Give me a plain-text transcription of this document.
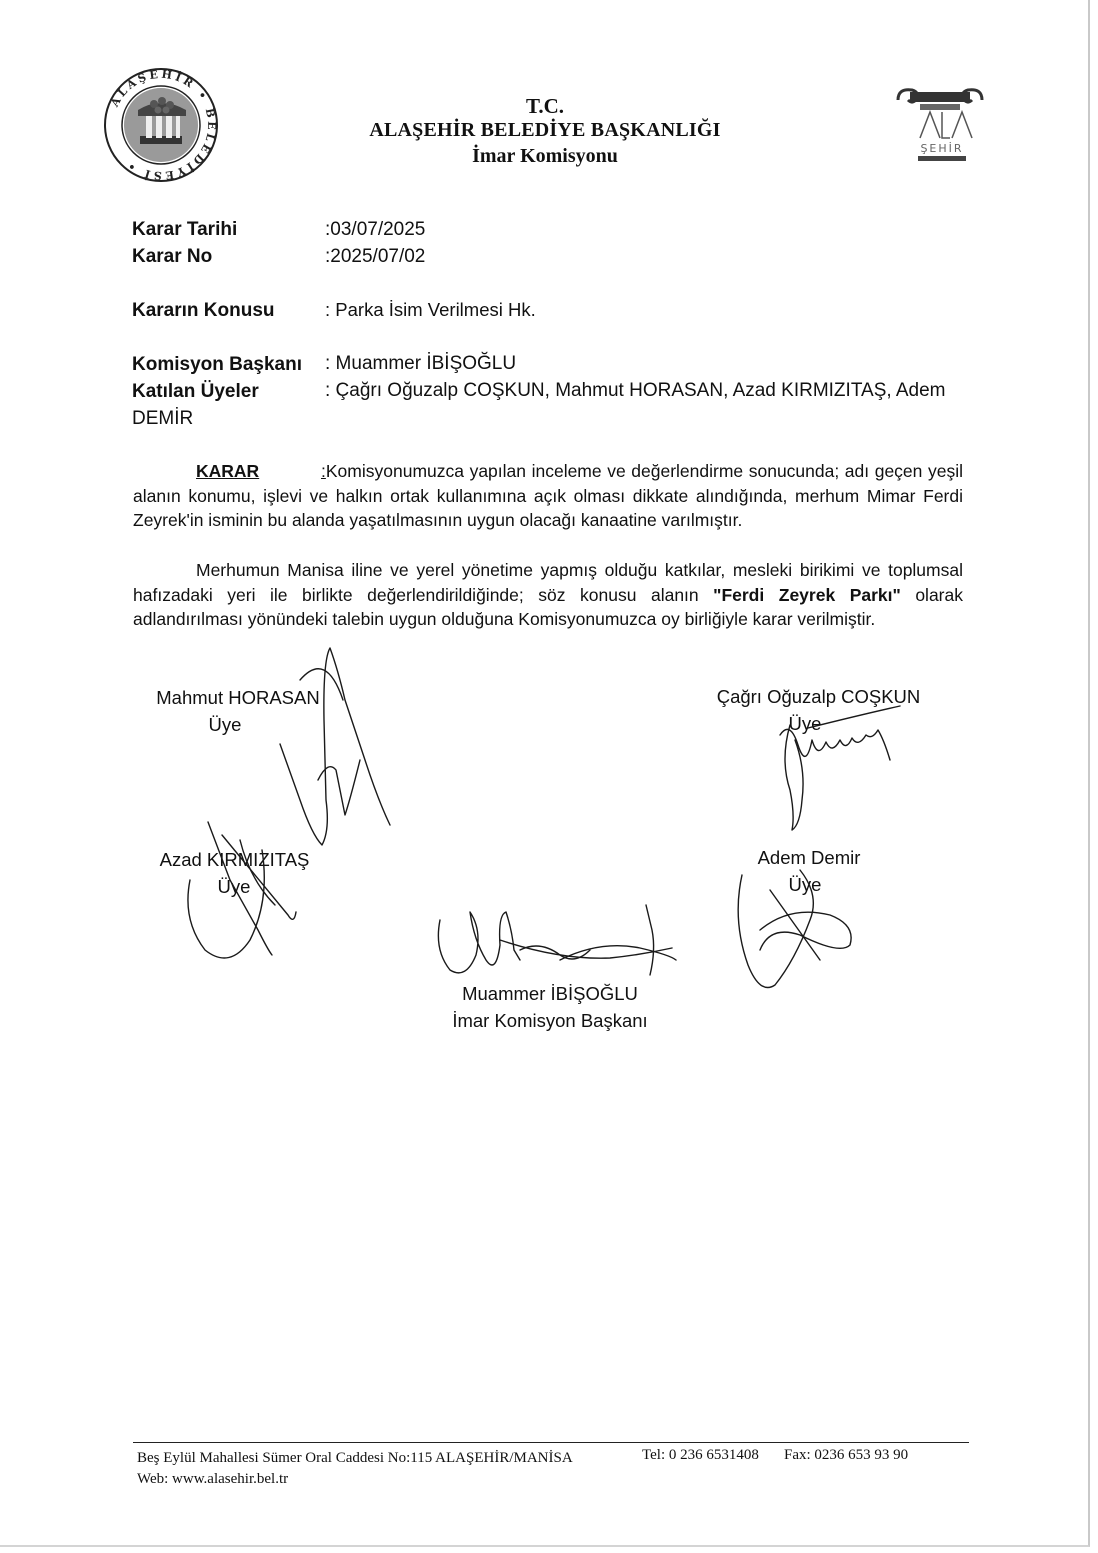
ALAŞEHİR • BELEDİYESİ •
ŞEHİR
T.C.
ALAŞEHİR BELEDİYE BAŞKANLIĞI
İmar Komisyonu
Karar Tarihi	:03/07/2025
Karar No	:2025/07/02
Kararın Konusu	: Parka İsim Verilmesi Hk.
Komisyon Başkanı : Muammer İBİŞOĞLU
Katılan Üyeler	: Çağrı Oğuzalp COŞKUN, Mahmut HORASAN, Azad KIRMIZITAŞ, Adem
DEMİR
KARAR	:Komisyonumuzca yapılan inceleme ve değerlendirme sonucunda; adı geçen yeşil alanın konumu, işlevi ve halkın ortak kullanımına açık olması dikkate alındığında, merhum Mimar Ferdi Zeyrek'in isminin bu alanda yaşatılmasının uygun olacağı kanaatine varılmıştır.
Merhumun Manisa iline ve yerel yönetime yapmış olduğu katkılar, mesleki birikimi ve toplumsal hafızadaki yeri ile birlikte değerlendirildiğinde; söz konusu alanın "Ferdi Zeyrek Parkı" olarak adlandırılması yönündeki talebin uygun olduğuna Komisyonumuzca oy birliğiyle karar verilmiştir.
Mahmut HORASAN
Üye
Çağrı Oğuzalp COŞKUN
Üye
Azad KIRMIZITAŞ
Üye
Adem Demir
Üye
Muammer İBİŞOĞLU
İmar Komisyon Başkanı
Beş Eylül Mahallesi Sümer Oral Caddesi No:115 ALAŞEHİR/MANİSA	Tel: 0 236 6531408 Fax: 0236 653 93 90
Web: www.alasehir.bel.tr
